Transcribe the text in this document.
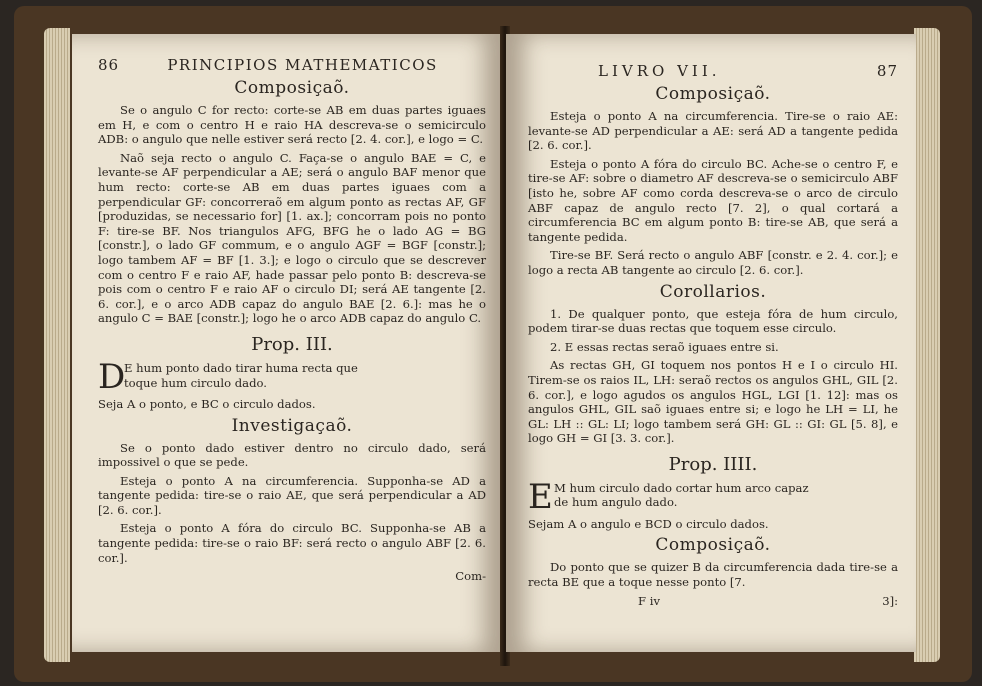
86	PRINCIPIOS MATHEMATICOS
Composiçaõ.

Se o angulo C for recto: corte-se AB em duas partes iguaes em H, e com o centro H e raio HA descreva-se o semicirculo ADB: o angulo que nelle estiver será recto [2. 4. cor.], e logo = C.

Naõ seja recto o angulo C. Faça-se o angulo BAE = C, e levante-se AF perpendicular a AE; será o angulo BAF menor que hum recto: corte-se AB em duas partes iguaes com a perpendicular GF: concorreraõ em algum ponto as rectas AF, GF [produzidas, se necessario for] [1. ax.]; concorram pois no ponto F: tire-se BF. Nos triangulos AFG, BFG he o lado AG = BG [constr.], o lado GF commum, e o angulo AGF = BGF [constr.]; logo tambem AF = BF [1. 3.]; e logo o circulo que se descrever com o centro F e raio AF, hade passar pelo ponto B: descreva-se pois com o centro F e raio AF o circulo DI; será AE tangente [2. 6. cor.], e o arco ADB capaz do angulo BAE [2. 6.]: mas he o angulo C = BAE [constr.]; logo he o arco ADB capaz do angulo C.

Prop. III.
D
E hum ponto dado tirar huma recta que
toque hum circulo dado.

Seja A o ponto, e BC o circulo dados.

Investigaçaõ.

Se o ponto dado estiver dentro no circulo dado, será impossivel o que se pede.

Esteja o ponto A na circumferencia. Supponha-se AD a tangente pedida: tire-se o raio AE, que será perpendicular a AD [2. 6. cor.].

Esteja o ponto A fóra do circulo BC. Supponha-se AB a tangente pedida: tire-se o raio BF: será recto o angulo ABF [2. 6. cor.].

Com-
LIVRO VII.	87
Composiçaõ.

Esteja o ponto A na circumferencia. Tire-se o raio AE: levante-se AD perpendicular a AE: será AD a tangente pedida [2. 6. cor.].

Esteja o ponto A fóra do circulo BC. Ache-se o centro F, e tire-se AF: sobre o diametro AF descreva-se o semicirculo ABF [isto he, sobre AF como corda descreva-se o arco de circulo ABF capaz de angulo recto [7. 2], o qual cortará a circumferencia BC em algum ponto B: tire-se AB, que será a tangente pedida.

Tire-se BF. Será recto o angulo ABF [constr. e 2. 4. cor.]; e logo a recta AB tangente ao circulo [2. 6. cor.].

Corollarios.

1. De qualquer ponto, que esteja fóra de hum circulo, podem tirar-se duas rectas que toquem esse circulo.

2. E essas rectas seraõ iguaes entre si.

As rectas GH, GI toquem nos pontos H e I o circulo HI. Tirem-se os raios IL, LH: seraõ rectos os angulos GHL, GIL [2. 6. cor.], e logo agudos os angulos HGL, LGI [1. 12]: mas os angulos GHL, GIL saõ iguaes entre si; e logo he LH = LI, he GL: LH :: GL: LI; logo tambem será GH: GL :: GI: GL [5. 8], e logo GH = GI [3. 3. cor.].

Prop. IIII.
E M hum circulo dado cortar hum arco capaz
de hum angulo dado.

Sejam A o angulo e BCD o circulo dados.

Composiçaõ.

Do ponto que se quizer B da circumferencia dada tire-se a recta BE que a toque nesse ponto [7.

F iv	3]:
